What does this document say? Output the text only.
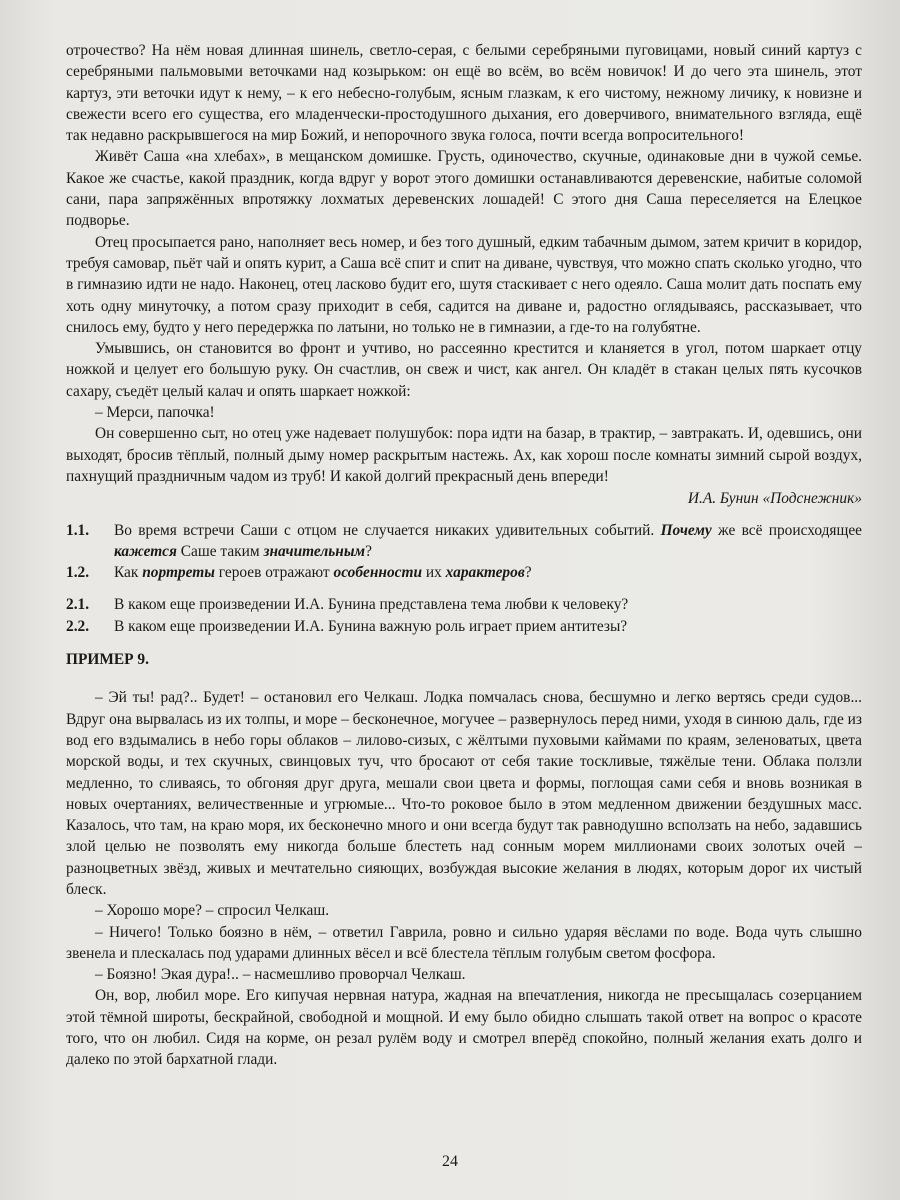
отрочество? На нём новая длинная шинель, светло-серая, с белыми серебряными пуговицами, новый синий картуз с серебряными пальмовыми веточками над козырьком: он ещё во всём, во всём новичок! И до чего эта шинель, этот картуз, эти веточки идут к нему, – к его небесно-голубым, ясным глазкам, к его чистому, нежному личику, к новизне и свежести всего его существа, его младенчески-простодушного дыхания, его доверчивого, внимательного взгляда, ещё так недавно раскрывшегося на мир Божий, и непорочного звука голоса, почти всегда вопросительного!

Живёт Саша «на хлебах», в мещанском домишке. Грусть, одиночество, скучные, одинаковые дни в чужой семье. Какое же счастье, какой праздник, когда вдруг у ворот этого домишки останавливаются деревенские, набитые соломой сани, пара запряжённых впротяжку лохматых деревенских лошадей! С этого дня Саша переселяется на Елецкое подворье.

Отец просыпается рано, наполняет весь номер, и без того душный, едким табачным дымом, затем кричит в коридор, требуя самовар, пьёт чай и опять курит, а Саша всё спит и спит на диване, чувствуя, что можно спать сколько угодно, что в гимназию идти не надо. Наконец, отец ласково будит его, шутя стаскивает с него одеяло. Саша молит дать поспать ему хоть одну минуточку, а потом сразу приходит в себя, садится на диване и, радостно оглядываясь, рассказывает, что снилось ему, будто у него передержка по латыни, но только не в гимназии, а где-то на голубятне.

Умывшись, он становится во фронт и учтиво, но рассеянно крестится и кланяется в угол, потом шаркает отцу ножкой и целует его большую руку. Он счастлив, он свеж и чист, как ангел. Он кладёт в стакан целых пять кусочков сахару, съедёт целый калач и опять шаркает ножкой:

– Мерси, папочка!

Он совершенно сыт, но отец уже надевает полушубок: пора идти на базар, в трактир, – завтракать. И, одевшись, они выходят, бросив тёплый, полный дыму номер раскрытым настежь. Ах, как хорош после комнаты зимний сырой воздух, пахнущий праздничным чадом из труб! И какой долгий прекрасный день впереди!

И.А. Бунин «Подснежник»

1.1.	Во время встречи Саши с отцом не случается никаких удивительных событий. Почему же всё происходящее кажется Саше таким значительным?
1.2.	Как портреты героев отражают особенности их характеров?
2.1.	В каком еще произведении И.А. Бунина представлена тема любви к человеку?
2.2.	В каком еще произведении И.А. Бунина важную роль играет прием антитезы?
ПРИМЕР 9.

– Эй ты! рад?.. Будет! – остановил его Челкаш. Лодка помчалась снова, бесшумно и легко вертясь среди судов... Вдруг она вырвалась из их толпы, и море – бесконечное, могучее – развернулось перед ними, уходя в синюю даль, где из вод его вздымались в небо горы облаков – лилово-сизых, с жёлтыми пуховыми каймами по краям, зеленоватых, цвета морской воды, и тех скучных, свинцовых туч, что бросают от себя такие тоскливые, тяжёлые тени. Облака ползли медленно, то сливаясь, то обгоняя друг друга, мешали свои цвета и формы, поглощая сами себя и вновь возникая в новых очертаниях, величественные и угрюмые... Что-то роковое было в этом медленном движении бездушных масс. Казалось, что там, на краю моря, их бесконечно много и они всегда будут так равнодушно всползать на небо, задавшись злой целью не позволять ему никогда больше блестеть над сонным морем миллионами своих золотых очей – разноцветных звёзд, живых и мечтательно сияющих, возбуждая высокие желания в людях, которым дорог их чистый блеск.

– Хорошо море? – спросил Челкаш.

– Ничего! Только боязно в нём, – ответил Гаврила, ровно и сильно ударяя вёслами по воде. Вода чуть слышно звенела и плескалась под ударами длинных вёсел и всё блестела тёплым голубым светом фосфора.

– Боязно! Экая дура!.. – насмешливо проворчал Челкаш.

Он, вор, любил море. Его кипучая нервная натура, жадная на впечатления, никогда не пресыщалась созерцанием этой тёмной широты, бескрайной, свободной и мощной. И ему было обидно слышать такой ответ на вопрос о красоте того, что он любил. Сидя на корме, он резал рулём воду и смотрел вперёд спокойно, полный желания ехать долго и далеко по этой бархатной глади.

24
